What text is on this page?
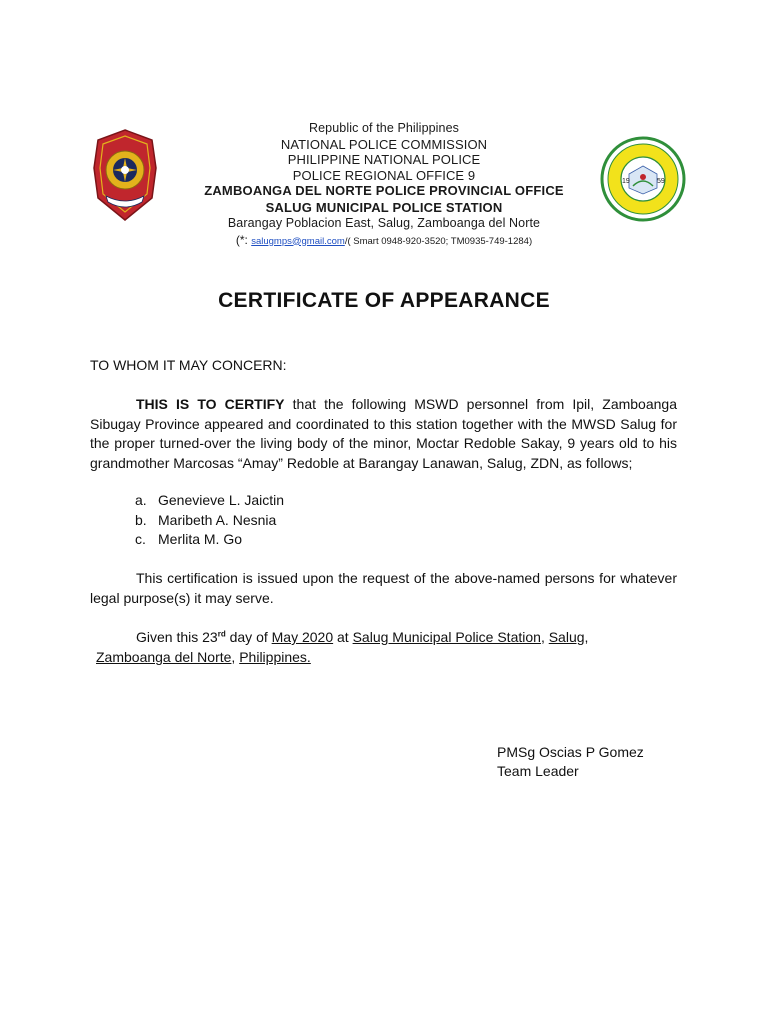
19	59
Republic of the Philippines
NATIONAL POLICE COMMISSION
PHILIPPINE NATIONAL POLICE
POLICE REGIONAL OFFICE 9
ZAMBOANGA DEL NORTE POLICE PROVINCIAL OFFICE
SALUG MUNICIPAL POLICE STATION
Barangay Poblacion East, Salug, Zamboanga del Norte
(*: salugmps@gmail.com/( Smart 0948-920-3520; TM0935-749-1284)
CERTIFICATE OF APPEARANCE
TO WHOM IT MAY CONCERN:
THIS IS TO CERTIFY that the following MSWD personnel from Ipil, Zamboanga Sibugay Province appeared and coordinated to this station together with the MWSD Salug for the proper turned-over the living body of the minor, Moctar Redoble Sakay, 9 years old to his grandmother Marcosas “Amay” Redoble at Barangay Lanawan, Salug, ZDN, as follows;
a. Genevieve L. Jaictin
b. Maribeth A. Nesnia
c. Merlita M. Go
This certification is issued upon the request of the above-named persons for whatever legal purpose(s) it may serve.
Given this 23rd day of May 2020 at Salug Municipal Police Station, Salug,
Zamboanga del Norte, Philippines.
PMSg Oscias P Gomez
Team Leader
